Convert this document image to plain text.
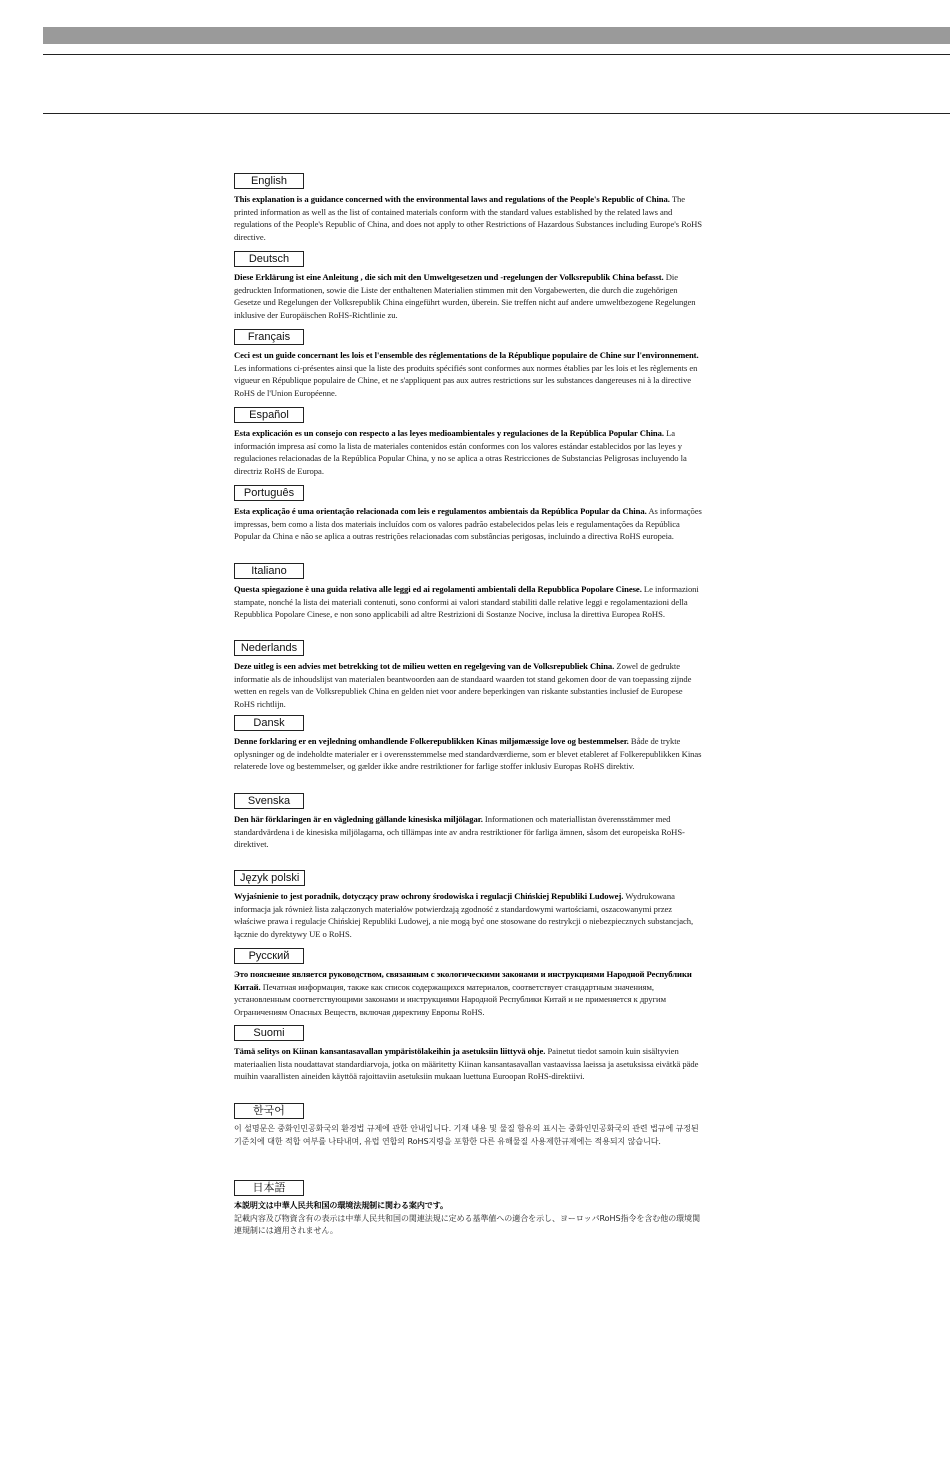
English
This explanation is a guidance concerned with the environmental laws and regulations of the People's Republic of China. The printed information as well as the list of contained materials conform with the standard values established by the related laws and regulations of the People's Republic of China, and does not apply to other Restrictions of Hazardous Substances including Europe's RoHS directive.
Deutsch
Diese Erklärung ist eine Anleitung , die sich mit den Umweltgesetzen und -regelungen der Volksrepublik China befasst. Die gedruckten Informationen, sowie die Liste der enthaltenen Materialien stimmen mit den Vorgabewerten, die durch die zugehörigen Gesetze und Regelungen der Volksrepublik China eingeführt wurden, überein. Sie treffen nicht auf andere umweltbezogene Regelungen inklusive der Europäischen RoHS-Richtlinie zu.
Français
Ceci est un guide concernant les lois et l'ensemble des réglementations de la République populaire de Chine sur l'environnement. Les informations ci-présentes ainsi que la liste des produits spécifiés sont conformes aux normes établies par les lois et les règlements en vigueur en République populaire de Chine, et ne s'appliquent pas aux autres restrictions sur les substances dangereuses ni à la directive RoHS de l'Union Européenne.
Español
Esta explicación es un consejo con respecto a las leyes medioambientales y regulaciones de la República Popular China. La información impresa así como la lista de materiales contenidos están conformes con los valores estándar establecidos por las leyes y regulaciones relacionadas de la República Popular China, y no se aplica a otras Restricciones de Substancias Peligrosas incluyendo la directriz RoHS de Europa.
Português
Esta explicação é uma orientação relacionada com leis e regulamentos ambientais da República Popular da China. As informações impressas, bem como a lista dos materiais incluídos com os valores padrão estabelecidos pelas leis e regulamentações da República Popular da China e não se aplica a outras restrições relacionadas com substâncias perigosas, incluindo a directiva RoHS europeia.
Italiano
Questa spiegazione è una guida relativa alle leggi ed ai regolamenti ambientali della Repubblica Popolare Cinese. Le informazioni stampate, nonché la lista dei materiali contenuti, sono conformi ai valori standard stabiliti dalle relative leggi e regolamentazioni della Repubblica Popolare Cinese, e non sono applicabili ad altre Restrizioni di Sostanze Nocive, inclusa la direttiva Europea RoHS.
Nederlands
Deze uitleg is een advies met betrekking tot de milieu wetten en regelgeving van de Volksrepubliek China. Zowel de gedrukte informatie als de inhoudslijst van materialen beantwoorden aan de standaard waarden tot stand gekomen door de van toepassing zijnde wetten en regels van de Volksrepubliek China en gelden niet voor andere beperkingen van riskante substanties inclusief de Europese RoHS richtlijn.
Dansk
Denne forklaring er en vejledning omhandlende Folkerepublikken Kinas miljømæssige love og bestemmelser. Både de trykte oplysninger og de indeholdte materialer er i overensstemmelse med standardværdierne, som er blevet etableret af Folkerepublikken Kinas relaterede love og bestemmelser, og gælder ikke andre restriktioner for farlige stoffer inklusiv Europas RoHS direktiv.
Svenska
Den här förklaringen är en vägledning gällande kinesiska miljölagar. Informationen och materiallistan överensstämmer med standardvärdena i de kinesiska miljölagarna, och tillämpas inte av andra restriktioner för farliga ämnen, såsom det europeiska RoHS-direktivet.
Język polski
Wyjaśnienie to jest poradnik, dotyczący praw ochrony środowiska i regulacji Chińskiej Republiki Ludowej. Wydrukowana informacja jak również lista załączonych materiałów potwierdzają zgodność z standardowymi wartościami, oszacowanymi przez właściwe prawa i regulacje Chińskiej Republiki Ludowej, a nie mogą być one stosowane do restrykcji o niebezpiecznych substancjach, łącznie do dyrektywy UE o RoHS.
Русский
Это пояснение является руководством, связанным с экологическими законами и инструкциями Народной Республики Китай. Печатная информация, также как список содержащихся материалов, соответствует стандартным значениям, установленным соответствующими законами и инструкциями Народной Республики Китай и не применяется к другим Ограничениям Опасных Веществ, включая директиву Европы RoHS.
Suomi
Tämä selitys on Kiinan kansantasavallan ympäristölakeihin ja asetuksiin liittyvä ohje. Painetut tiedot samoin kuin sisältyvien materiaalien lista noudattavat standardiarvoja, jotka on määritetty Kiinan kansantasavallan vastaavissa laeissa ja asetuksissa eivätkä päde muihin vaarallisten aineiden käyttöä rajoittaviin asetuksiin mukaan luettuna Euroopan RoHS-direktiivi.
한국어
이 설명문은 중화인민공화국의 환경법 규제에 관한 안내입니다. 기재 내용 및 물질 함유의 표시는 중화인민공화국의 관련 법규에 규정된 기준치에 대한 적합 여부를 나타내며, 유럽 연합의 RoHS지령을 포함한 다른 유해물질 사용제한규제에는 적용되지 않습니다.
日本語
本説明文は中華人民共和国の環境法規制に関わる案内です。
記載内容及び物資含有の表示は中華人民共和国の関連法規に定める基準値への適合を示し、ヨーロッパRoHS指令を含む他の環境関連規制には適用されません。
